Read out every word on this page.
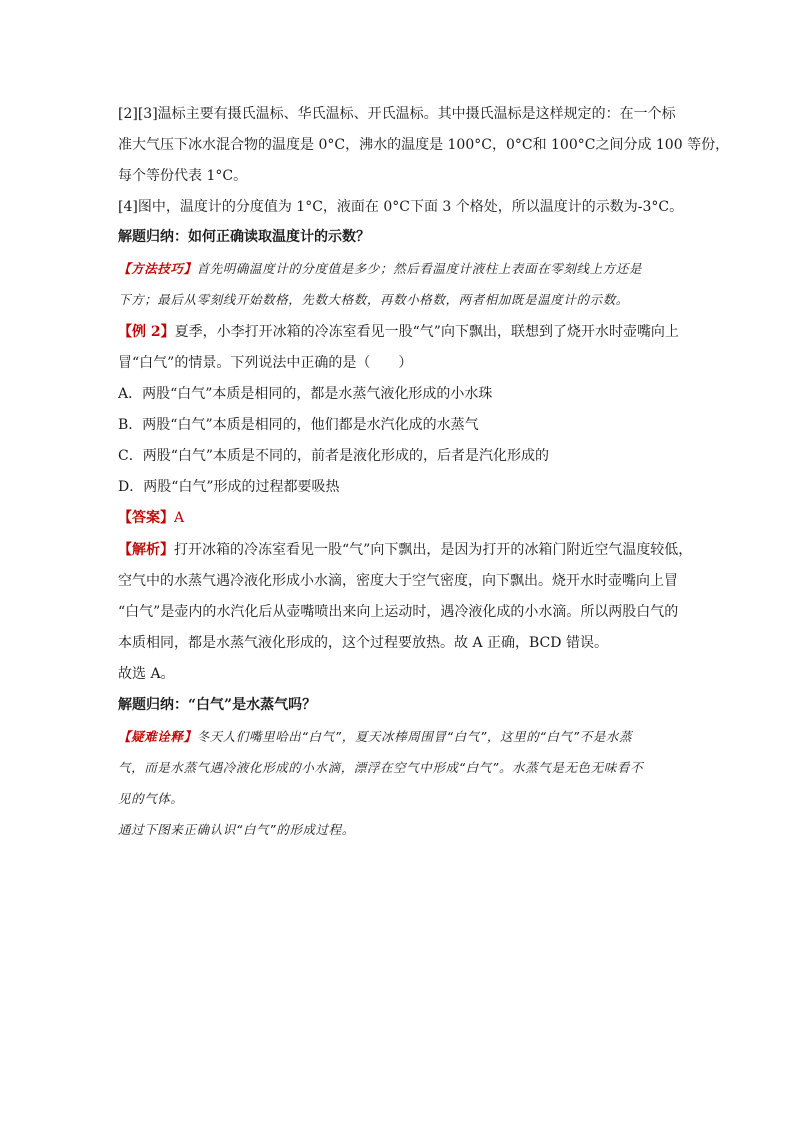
[2][3]温标主要有摄氏温标、华氏温标、开氏温标。其中摄氏温标是这样规定的：在一个标
准大气压下冰水混合物的温度是 0°C，沸水的温度是 100°C，0°C和 100°C之间分成 100 等份，
每个等份代表 1°C。
[4]图中，温度计的分度值为 1°C，液面在 0°C下面 3 个格处，所以温度计的示数为-3°C。
解题归纳：如何正确读取温度计的示数？
【方法技巧】首先明确温度计的分度值是多少；然后看温度计液柱上表面在零刻线上方还是
下方；最后从零刻线开始数格，先数大格数，再数小格数，两者相加既是温度计的示数。
【例 2】夏季，小李打开冰箱的冷冻室看见一股“气”向下飘出，联想到了烧开水时壶嘴向上
冒“白气”的情景。下列说法中正确的是（　　）
A．两股“白气”本质是相同的，都是水蒸气液化形成的小水珠
B．两股“白气”本质是相同的，他们都是水汽化成的水蒸气
C．两股“白气”本质是不同的，前者是液化形成的，后者是汽化形成的
D．两股“白气”形成的过程都要吸热
【答案】A
【解析】打开冰箱的冷冻室看见一股“气”向下飘出，是因为打开的冰箱门附近空气温度较低，
空气中的水蒸气遇冷液化形成小水滴，密度大于空气密度，向下飘出。烧开水时壶嘴向上冒
“白气”是壶内的水汽化后从壶嘴喷出来向上运动时，遇冷液化成的小水滴。所以两股白气的
本质相同，都是水蒸气液化形成的，这个过程要放热。故 A 正确，BCD 错误。
故选 A。
解题归纳：“白气”是水蒸气吗？
【疑难诠释】冬天人们嘴里哈出“白气”，夏天冰棒周围冒“白气”，这里的“白气”不是水蒸
气，而是水蒸气遇冷液化形成的小水滴，漂浮在空气中形成“白气”。水蒸气是无色无味看不
见的气体。
通过下图来正确认识“白气”的形成过程。
